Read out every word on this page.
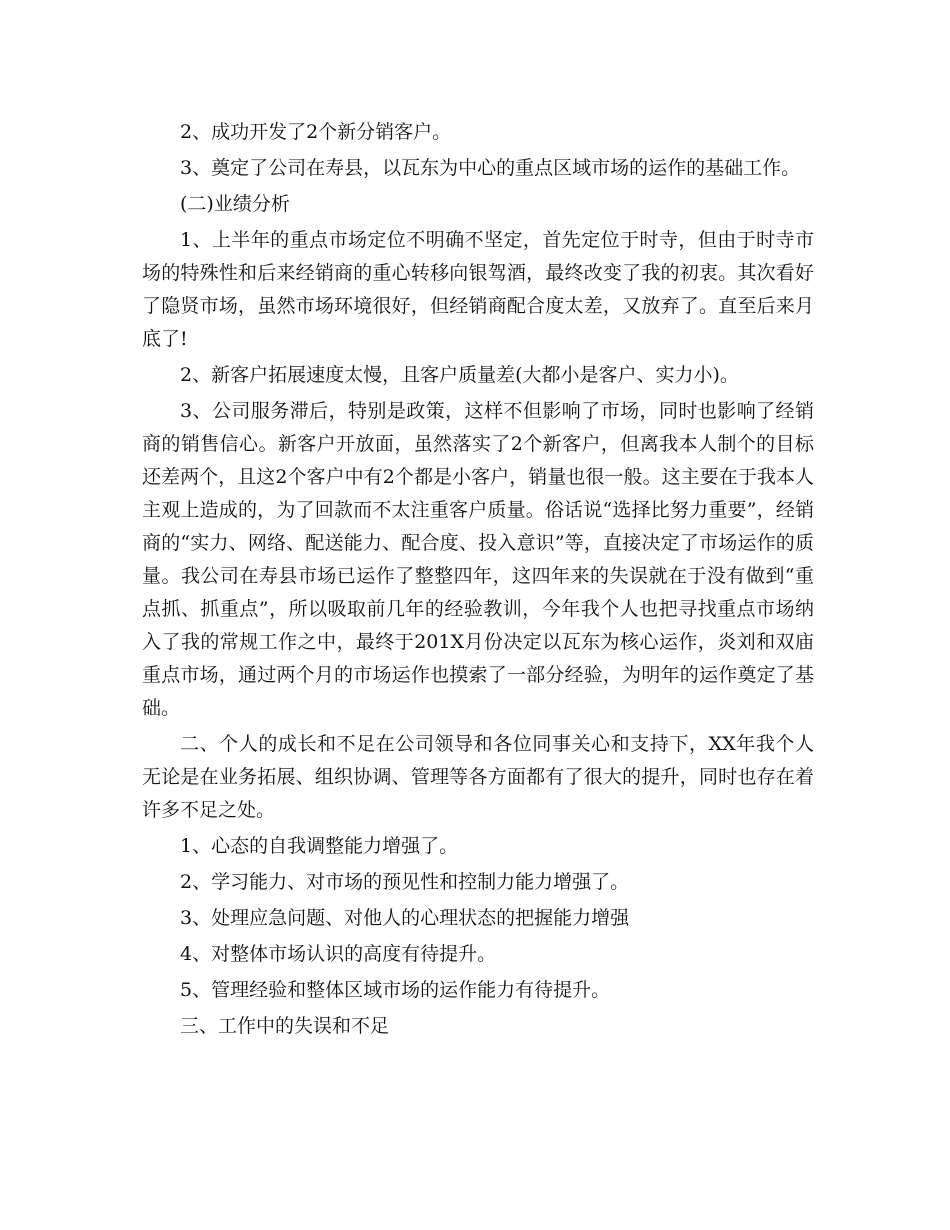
2、成功开发了2个新分销客户。

3、奠定了公司在寿县，以瓦东为中心的重点区域市场的运作的基础工作。

(二)业绩分析

1、上半年的重点市场定位不明确不坚定，首先定位于时寺，但由于时寺市场的特殊性和后来经销商的重心转移向银驾酒，最终改变了我的初衷。其次看好了隐贤市场，虽然市场环境很好，但经销商配合度太差，又放弃了。直至后来月底了!

2、新客户拓展速度太慢，且客户质量差(大都小是客户、实力小)。

3、公司服务滞后，特别是政策，这样不但影响了市场，同时也影响了经销商的销售信心。新客户开放面，虽然落实了2个新客户，但离我本人制个的目标还差两个，且这2个客户中有2个都是小客户，销量也很一般。这主要在于我本人主观上造成的，为了回款而不太注重客户质量。俗话说“选择比努力重要”，经销商的“实力、网络、配送能力、配合度、投入意识”等，直接决定了市场运作的质量。我公司在寿县市场已运作了整整四年，这四年来的失误就在于没有做到“重点抓、抓重点”，所以吸取前几年的经验教训，今年我个人也把寻找重点市场纳入了我的常规工作之中，最终于201X月份决定以瓦东为核心运作，炎刘和双庙重点市场，通过两个月的市场运作也摸索了一部分经验，为明年的运作奠定了基础。

二、个人的成长和不足在公司领导和各位同事关心和支持下，XX年我个人无论是在业务拓展、组织协调、管理等各方面都有了很大的提升，同时也存在着许多不足之处。

1、心态的自我调整能力增强了。

2、学习能力、对市场的预见性和控制力能力增强了。

3、处理应急问题、对他人的心理状态的把握能力增强

4、对整体市场认识的高度有待提升。

5、管理经验和整体区域市场的运作能力有待提升。

三、工作中的失误和不足
